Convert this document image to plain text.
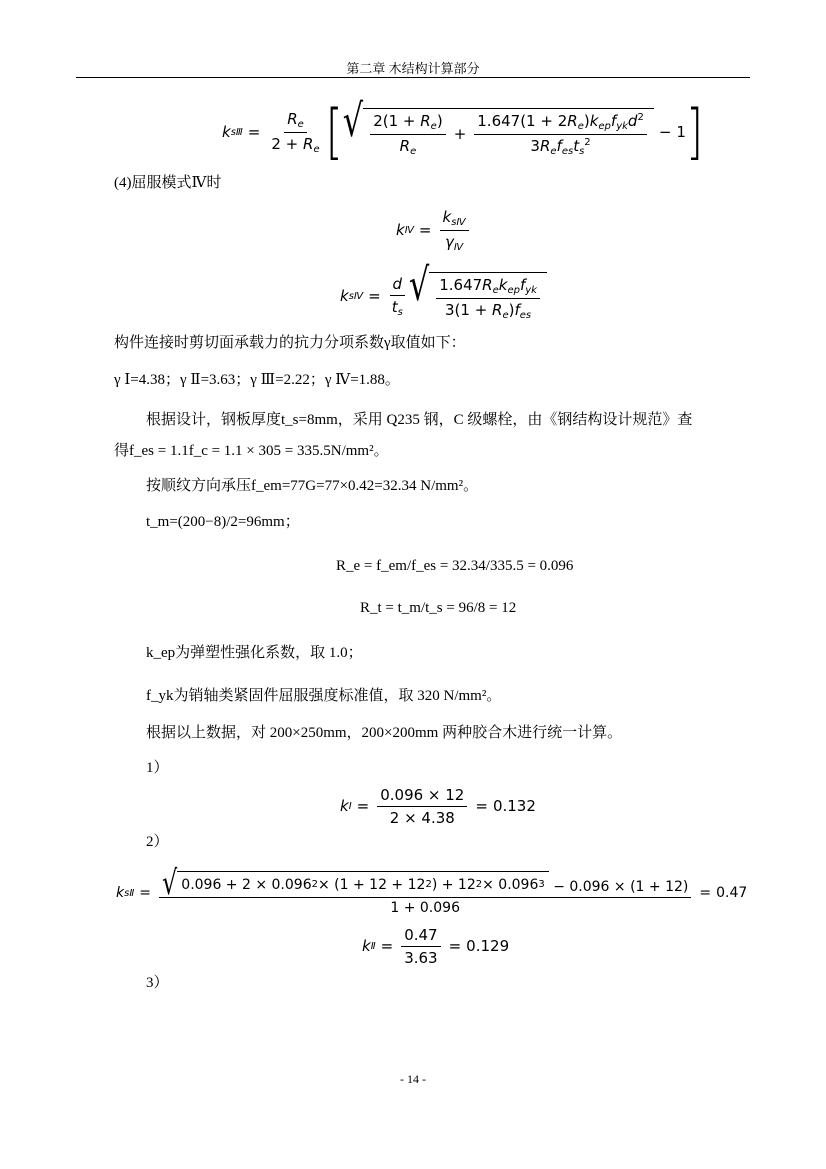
第二章 木结构计算部分
k sⅢ = $\frac{R_e}{2 + R_e}$ [ √ $\frac{2(1 + R_e)}{R_e} + \frac{1.647(1 + 2R_e)k_{ep}f_{yk}d^2}{3R_ef_{es}t_s^2} - 1$ ]
(4)屈服模式Ⅳ时
k Ⅳ = $\frac{k_{sⅣ}}{\gamma_Ⅳ}$
k sⅣ = $\frac{d}{t_s}$ √ $\frac{1.647R_ek_{ep}f_{yk}}{3(1 + R_e)f_{es}}$
构件连接时剪切面承载力的抗力分项系数γ取值如下：
γ Ⅰ=4.38；γ Ⅱ=3.63；γ Ⅲ=2.22；γ Ⅳ=1.88。
根据设计，钢板厚度t_s=8mm，采用 Q235 钢，C 级螺栓，由《钢结构设计规范》查
得f_es = 1.1f_c = 1.1 × 305 = 335.5N/mm²。
按顺纹方向承压f_em=77G=77×0.42=32.34 N/mm²。
t_m=(200−8)/2=96mm；
R_e = f_em/f_es = 32.34/335.5 = 0.096
R_t = t_m/t_s = 96/8 = 12
k_ep为弹塑性强化系数，取 1.0；
f_yk为销轴类紧固件屈服强度标准值，取 320 N/mm²。
根据以上数据，对 200×250mm，200×200mm 两种胶合木进行统一计算。
1）
k Ⅰ = $\frac{0.096 \times 12}{2 \times 4.38} = 0.132$
2）
k sⅡ = √ 0.096 + 2 × 0.096 2 × (1 + 12 + 12 2 ) + 12 2 × 0.096 3 − 0.096 × (1 + 12)
1 + 0.096
= 0.47
k Ⅱ = $\frac{0.47}{3.63} = 0.129$
3）
- 14 -
